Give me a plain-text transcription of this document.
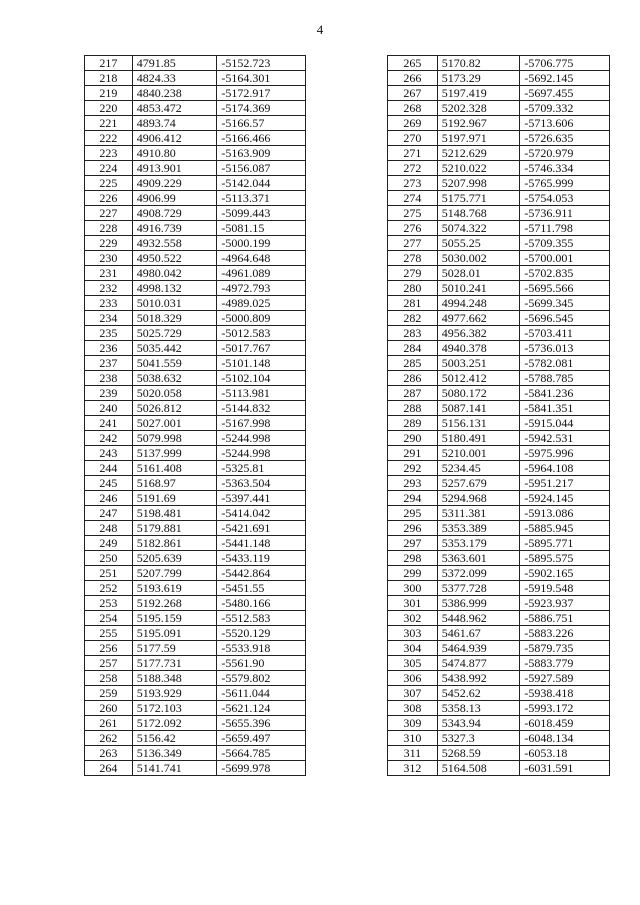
4
217	4791.85	-5152.723
218	4824.33	-5164.301
219	4840.238	-5172.917
220	4853.472	-5174.369
221	4893.74	-5166.57
222	4906.412	-5166.466
223	4910.80	-5163.909
224	4913.901	-5156.087
225	4909.229	-5142.044
226	4906.99	-5113.371
227	4908.729	-5099.443
228	4916.739	-5081.15
229	4932.558	-5000.199
230	4950.522	-4964.648
231	4980.042	-4961.089
232	4998.132	-4972.793
233	5010.031	-4989.025
234	5018.329	-5000.809
235	5025.729	-5012.583
236	5035.442	-5017.767
237	5041.559	-5101.148
238	5038.632	-5102.104
239	5020.058	-5113.981
240	5026.812	-5144.832
241	5027.001	-5167.998
242	5079.998	-5244.998
243	5137.999	-5244.998
244	5161.408	-5325.81
245	5168.97	-5363.504
246	5191.69	-5397.441
247	5198.481	-5414.042
248	5179.881	-5421.691
249	5182.861	-5441.148
250	5205.639	-5433.119
251	5207.799	-5442.864
252	5193.619	-5451.55
253	5192.268	-5480.166
254	5195.159	-5512.583
255	5195.091	-5520.129
256	5177.59	-5533.918
257	5177.731	-5561.90
258	5188.348	-5579.802
259	5193.929	-5611.044
260	5172.103	-5621.124
261	5172.092	-5655.396
262	5156.42	-5659.497
263	5136.349	-5664.785
264	5141.741	-5699.978
265	5170.82	-5706.775
266	5173.29	-5692.145
267	5197.419	-5697.455
268	5202.328	-5709.332
269	5192.967	-5713.606
270	5197.971	-5726.635
271	5212.629	-5720.979
272	5210.022	-5746.334
273	5207.998	-5765.999
274	5175.771	-5754.053
275	5148.768	-5736.911
276	5074.322	-5711.798
277	5055.25	-5709.355
278	5030.002	-5700.001
279	5028.01	-5702.835
280	5010.241	-5695.566
281	4994.248	-5699.345
282	4977.662	-5696.545
283	4956.382	-5703.411
284	4940.378	-5736.013
285	5003.251	-5782.081
286	5012.412	-5788.785
287	5080.172	-5841.236
288	5087.141	-5841.351
289	5156.131	-5915.044
290	5180.491	-5942.531
291	5210.001	-5975.996
292	5234.45	-5964.108
293	5257.679	-5951.217
294	5294.968	-5924.145
295	5311.381	-5913.086
296	5353.389	-5885.945
297	5353.179	-5895.771
298	5363.601	-5895.575
299	5372.099	-5902.165
300	5377.728	-5919.548
301	5386.999	-5923.937
302	5448.962	-5886.751
303	5461.67	-5883.226
304	5464.939	-5879.735
305	5474.877	-5883.779
306	5438.992	-5927.589
307	5452.62	-5938.418
308	5358.13	-5993.172
309	5343.94	-6018.459
310	5327.3	-6048.134
311	5268.59	-6053.18
312	5164.508	-6031.591
